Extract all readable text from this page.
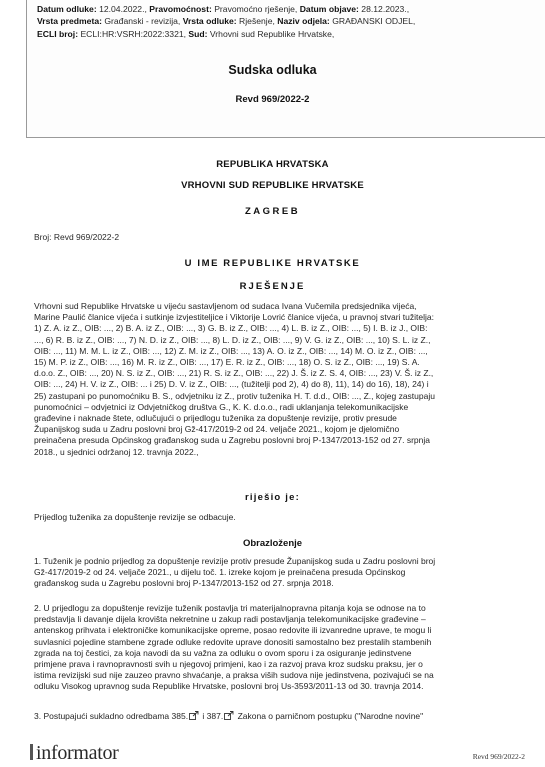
Datum odluke: 12.04.2022., Pravomoćnost: Pravomoćno rješenje, Datum objave: 28.12.2023.,
Vrsta predmeta: Građanski - revizija, Vrsta odluke: Rješenje, Naziv odjela: GRAĐANSKI ODJEL,
ECLI broj: ECLI:HR:VSRH:2022:3321, Sud: Vrhovni sud Republike Hrvatske,
Sudska odluka
Revd 969/2022-2
REPUBLIKA HRVATSKA
VRHOVNI SUD REPUBLIKE HRVATSKE
ZAGREB
Broj: Revd 969/2022-2
U IME REPUBLIKE HRVATSKE
RJEŠENJE
Vrhovni sud Republike Hrvatske u vijeću sastavljenom od sudaca Ivana Vučemila predsjednika vijeća,
Marine Paulić članice vijeća i sutkinje izvjestiteljice i Viktorije Lovrić članice vijeća, u pravnoj stvari tužitelja:
1) Z. A. iz Z., OIB: ..., 2) B. A. iz Z., OIB: ..., 3) G. B. iz Z., OIB: ..., 4) L. B. iz Z., OIB: ..., 5) I. B. iz J., OIB:
..., 6) R. B. iz Z., OIB: ..., 7) N. D. iz Z., OIB: ..., 8) L. D. iz Z., OIB: ..., 9) V. G. iz Z., OIB: ..., 10) S. L. iz Z.,
OIB: ..., 11) M. M. L. iz Z., OIB: ..., 12) Z. M. iz Z., OIB: ..., 13) A. O. iz Z., OIB: ..., 14) M. O. iz Z., OIB: ...,
15) M. P. iz Z., OIB: ..., 16) M. R. iz Z., OIB: ..., 17) E. R. iz Z., OIB: ..., 18) O. S. iz Z., OIB: ..., 19) S. A.
d.o.o. Z., OIB: ..., 20) N. S. iz Z., OIB: ..., 21) R. S. iz Z., OIB: ..., 22) J. Š. iz Z. S. 4, OIB: ..., 23) V. Š. iz Z.,
OIB: ..., 24) H. V. iz Z., OIB: ... i 25) D. V. iz Z., OIB: ..., (tužitelji pod 2), 4) do 8), 11), 14) do 16), 18), 24) i
25) zastupani po punomoćniku B. S., odvjetniku iz Z., protiv tuženika H. T. d.d., OIB: ..., Z., kojeg zastupaju
punomoćnici – odvjetnici iz Odvjetničkog društva G., K. K. d.o.o., radi uklanjanja telekomunikacijske
građevine i naknade štete, odlučujući o prijedlogu tuženika za dopuštenje revizije, protiv presude
Županijskog suda u Zadru poslovni broj Gž-417/2019-2 od 24. veljače 2021., kojom je djelomično
preinačena presuda Općinskog građanskog suda u Zagrebu poslovni broj P-1347/2013-152 od 27. srpnja
2018., u sjednici održanoj 12. travnja 2022.,
riješio je:
Prijedlog tuženika za dopuštenje revizije se odbacuje.
Obrazloženje
1. Tuženik je podnio prijedlog za dopuštenje revizije protiv presude Županijskog suda u Zadru poslovni broj
Gž-417/2019-2 od 24. veljače 2021., u dijelu toč. 1. izreke kojom je preinačena presuda Općinskog
građanskog suda u Zagrebu poslovni broj P-1347/2013-152 od 27. srpnja 2018.
2. U prijedlogu za dopuštenje revizije tuženik postavlja tri materijalnopravna pitanja koja se odnose na to
predstavlja li davanje dijela krovišta nekretnine u zakup radi postavljanja telekomunikacijske građevine –
antenskog prihvata i elektroničke komunikacijske opreme, posao redovite ili izvanredne uprave, te mogu li
suvlasnici pojedine stambene zgrade odluke redovite uprave donositi samostalno bez prestalih stambenih
zgrada na toj čestici, za koja navodi da su važna za odluku o ovom sporu i za osiguranje jedinstvene
primjene prava i ravnopravnosti svih u njegovoj primjeni, kao i za razvoj prava kroz sudsku praksu, jer o
istima revizijski sud nije zauzeo pravno shvaćanje, a praksa viših sudova nije jedinstvena, pozivajući se na
odluku Visokog upravnog suda Republike Hrvatske, poslovni broj Us-3593/2011-13 od 30. travnja 2014.
3. Postupajući sukladno odredbama 385. i 387. Zakona o parničnom postupku ("Narodne novine"
informator	Revd 969/2022-2
